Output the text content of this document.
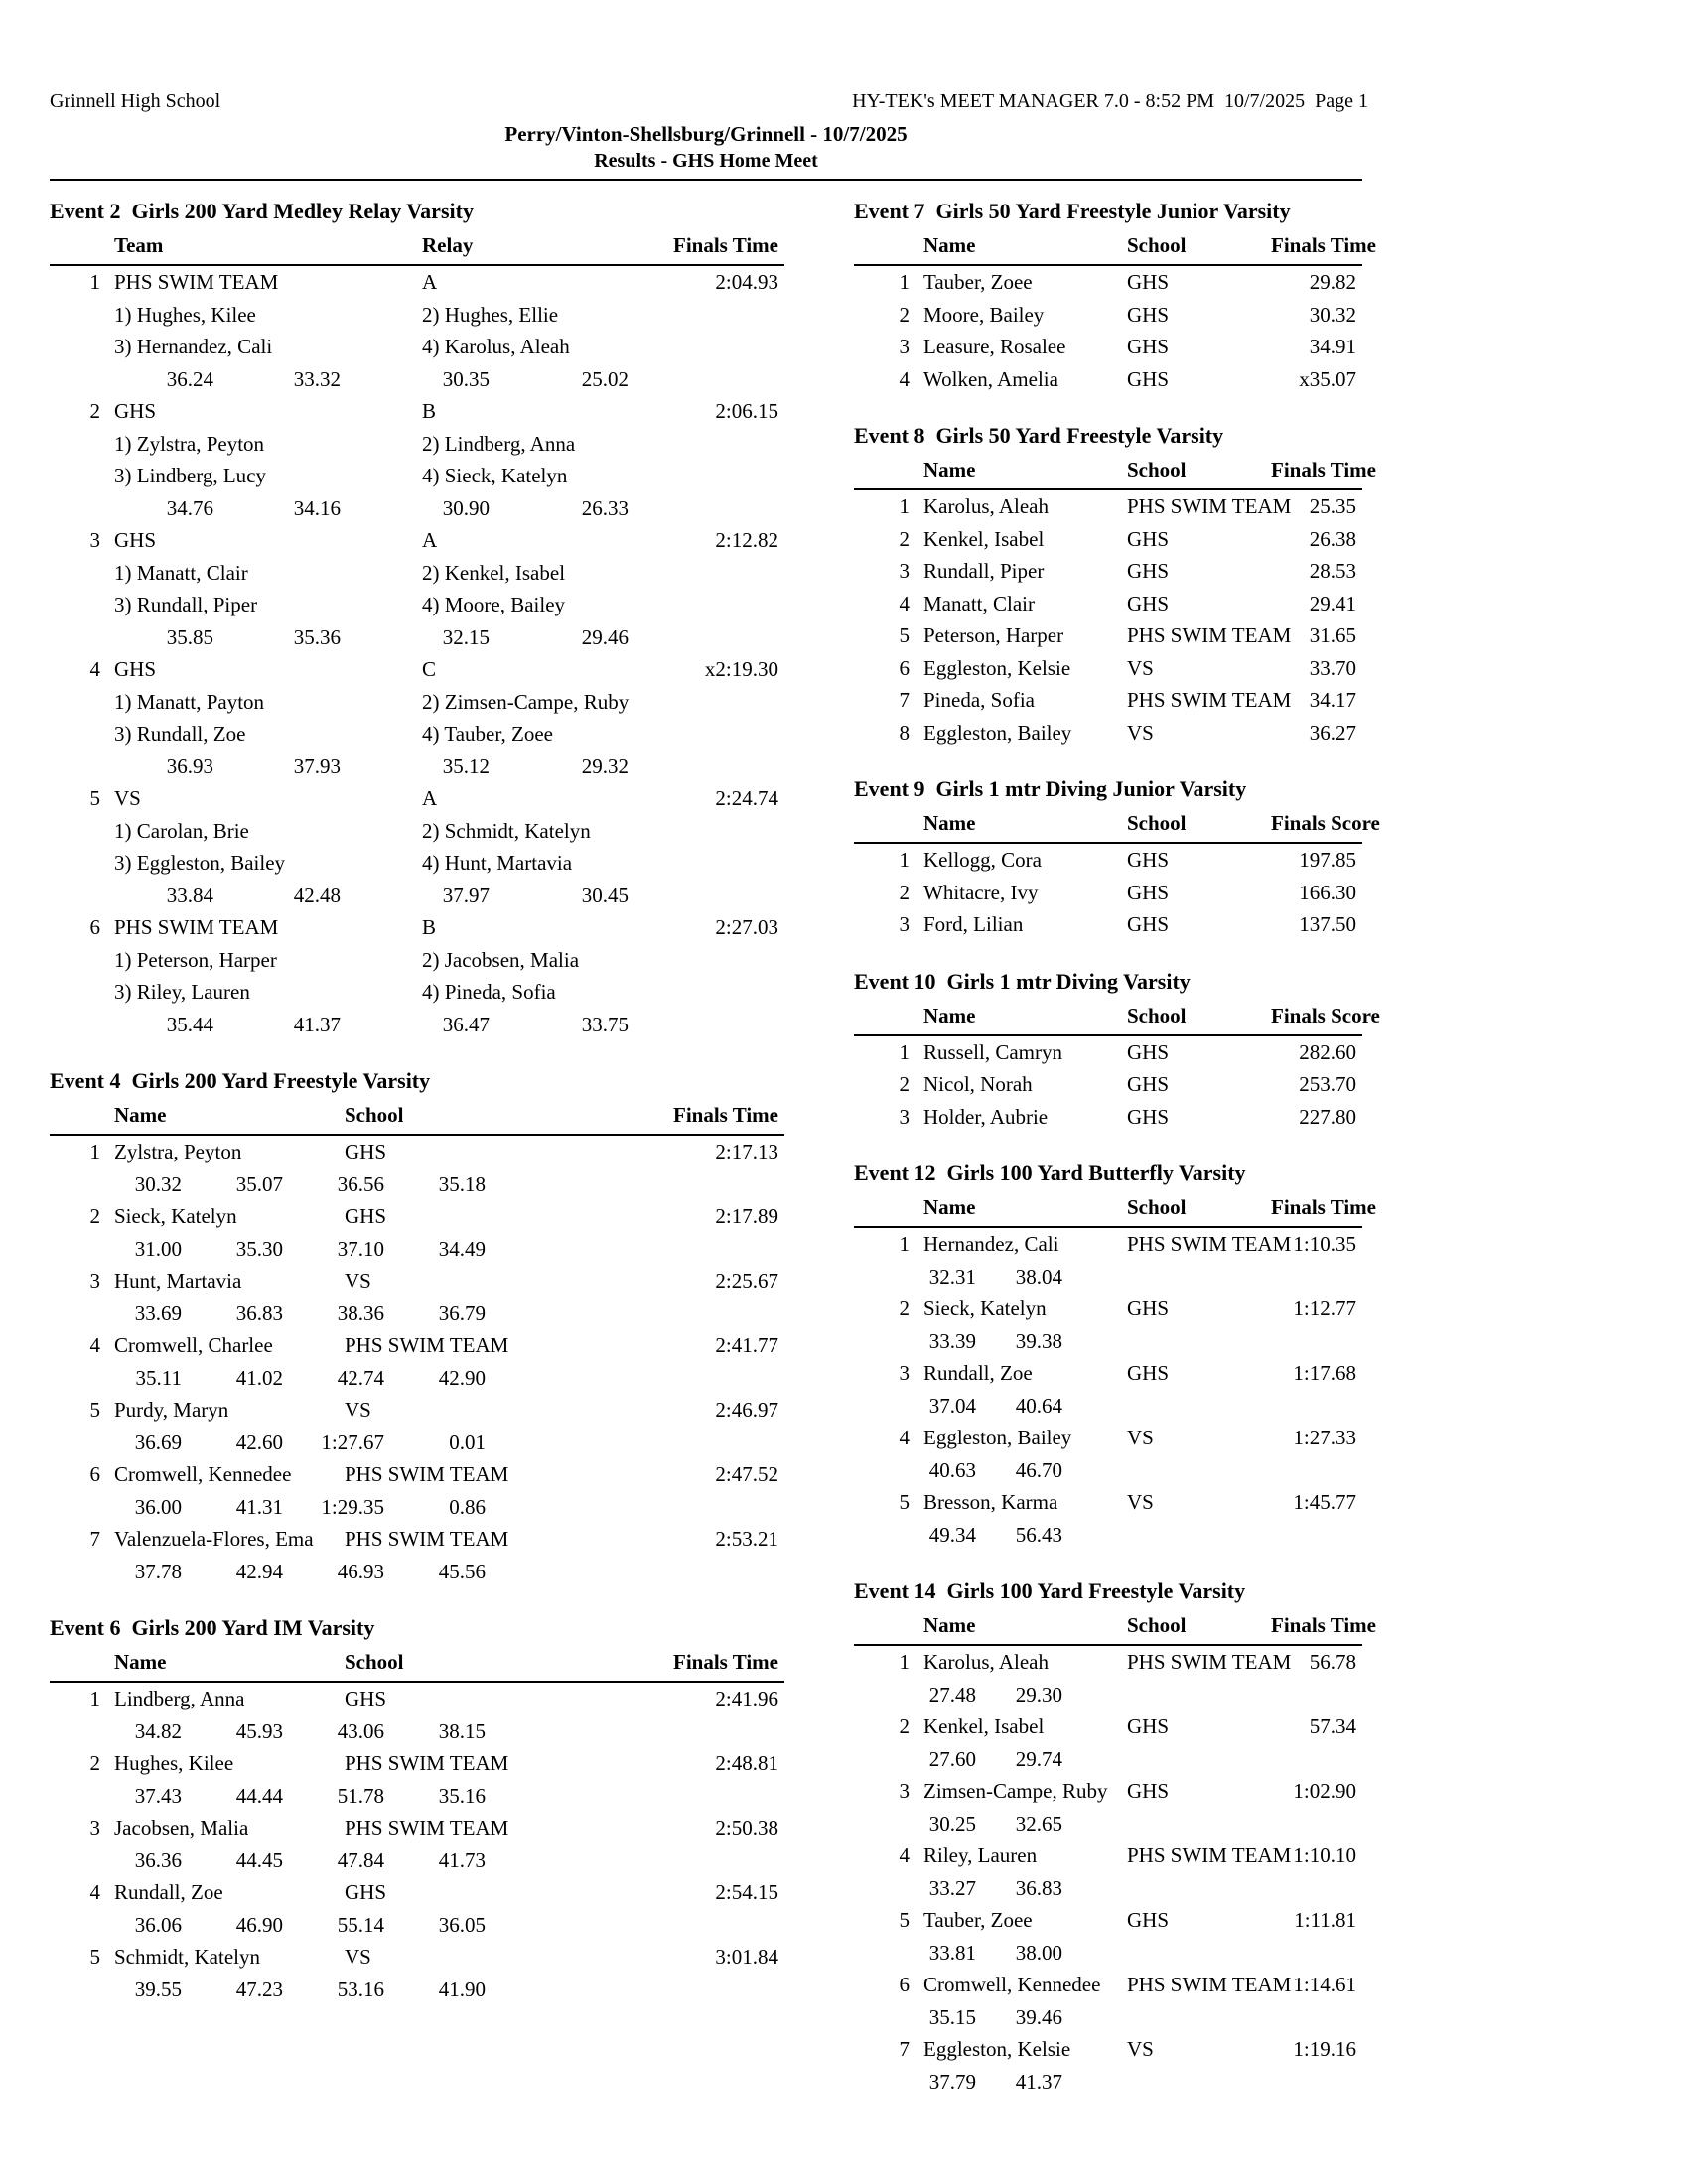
Grinnell High School	HY-TEK's MEET MANAGER 7.0 - 8:52 PM  10/7/2025  Page 1
Perry/Vinton-Shellsburg/Grinnell - 10/7/2025
Results - GHS Home Meet
Event 2  Girls 200 Yard Medley Relay Varsity
Team	Relay	Finals Time
1 PHS SWIM TEAM	A	2:04.93
1) Hughes, Kilee	2) Hughes, Ellie
3) Hernandez, Cali	4) Karolus, Aleah
36.24	33.32	30.35	25.02
2 GHS	B	2:06.15
1) Zylstra, Peyton	2) Lindberg, Anna
3) Lindberg, Lucy	4) Sieck, Katelyn
34.76	34.16	30.90	26.33
3 GHS	A	2:12.82
1) Manatt, Clair	2) Kenkel, Isabel
3) Rundall, Piper	4) Moore, Bailey
35.85	35.36	32.15	29.46
4 GHS	C	x2:19.30
1) Manatt, Payton	2) Zimsen-Campe, Ruby
3) Rundall, Zoe	4) Tauber, Zoee
36.93	37.93	35.12	29.32
5 VS	A	2:24.74
1) Carolan, Brie	2) Schmidt, Katelyn
3) Eggleston, Bailey	4) Hunt, Martavia
33.84	42.48	37.97	30.45
6 PHS SWIM TEAM	B	2:27.03
1) Peterson, Harper	2) Jacobsen, Malia
3) Riley, Lauren	4) Pineda, Sofia
35.44	41.37	36.47	33.75
Event 4  Girls 200 Yard Freestyle Varsity
Name	School	Finals Time
1 Zylstra, Peyton	GHS	2:17.13
30.32	35.07	36.56	35.18
2 Sieck, Katelyn	GHS	2:17.89
31.00	35.30	37.10	34.49
3 Hunt, Martavia	VS	2:25.67
33.69	36.83	38.36	36.79
4 Cromwell, Charlee	PHS SWIM TEAM	2:41.77
35.11	41.02	42.74	42.90
5 Purdy, Maryn	VS	2:46.97
36.69	42.60	1:27.67	0.01
6 Cromwell, Kennedee	PHS SWIM TEAM	2:47.52
36.00	41.31	1:29.35	0.86
7 Valenzuela-Flores, Ema	PHS SWIM TEAM	2:53.21
37.78	42.94	46.93	45.56
Event 6  Girls 200 Yard IM Varsity
Name	School	Finals Time
1 Lindberg, Anna	GHS	2:41.96
34.82	45.93	43.06	38.15
2 Hughes, Kilee	PHS SWIM TEAM	2:48.81
37.43	44.44	51.78	35.16
3 Jacobsen, Malia	PHS SWIM TEAM	2:50.38
36.36	44.45	47.84	41.73
4 Rundall, Zoe	GHS	2:54.15
36.06	46.90	55.14	36.05
5 Schmidt, Katelyn	VS	3:01.84
39.55	47.23	53.16	41.90
Event 7  Girls 50 Yard Freestyle Junior Varsity
Name	School	Finals Time
1 Tauber, Zoee	GHS	29.82
2 Moore, Bailey	GHS	30.32
3 Leasure, Rosalee	GHS	34.91
4 Wolken, Amelia	GHS	x35.07
Event 8  Girls 50 Yard Freestyle Varsity
Name	School	Finals Time
1 Karolus, Aleah	PHS SWIM TEAM 25.35
2 Kenkel, Isabel	GHS	26.38
3 Rundall, Piper	GHS	28.53
4 Manatt, Clair	GHS	29.41
5 Peterson, Harper	PHS SWIM TEAM 31.65
6 Eggleston, Kelsie	VS	33.70
7 Pineda, Sofia	PHS SWIM TEAM 34.17
8 Eggleston, Bailey	VS	36.27
Event 9  Girls 1 mtr Diving Junior Varsity
Name	School	Finals Score
1 Kellogg, Cora	GHS	197.85
2 Whitacre, Ivy	GHS	166.30
3 Ford, Lilian	GHS	137.50
Event 10  Girls 1 mtr Diving Varsity
Name	School	Finals Score
1 Russell, Camryn	GHS	282.60
2 Nicol, Norah	GHS	253.70
3 Holder, Aubrie	GHS	227.80
Event 12  Girls 100 Yard Butterfly Varsity
Name	School	Finals Time
1 Hernandez, Cali	PHS SWIM TEAM 1:10.35
32.31	38.04
2 Sieck, Katelyn	GHS	1:12.77
33.39	39.38
3 Rundall, Zoe	GHS	1:17.68
37.04	40.64
4 Eggleston, Bailey	VS	1:27.33
40.63	46.70
5 Bresson, Karma	VS	1:45.77
49.34	56.43
Event 14  Girls 100 Yard Freestyle Varsity
Name	School	Finals Time
1 Karolus, Aleah	PHS SWIM TEAM 56.78
27.48	29.30
2 Kenkel, Isabel	GHS	57.34
27.60	29.74
3 Zimsen-Campe, Ruby GHS	1:02.90
30.25	32.65
4 Riley, Lauren	PHS SWIM TEAM 1:10.10
33.27	36.83
5 Tauber, Zoee	GHS	1:11.81
33.81	38.00
6 Cromwell, Kennedee	PHS SWIM TEAM 1:14.61
35.15	39.46
7 Eggleston, Kelsie	VS	1:19.16
37.79	41.37
